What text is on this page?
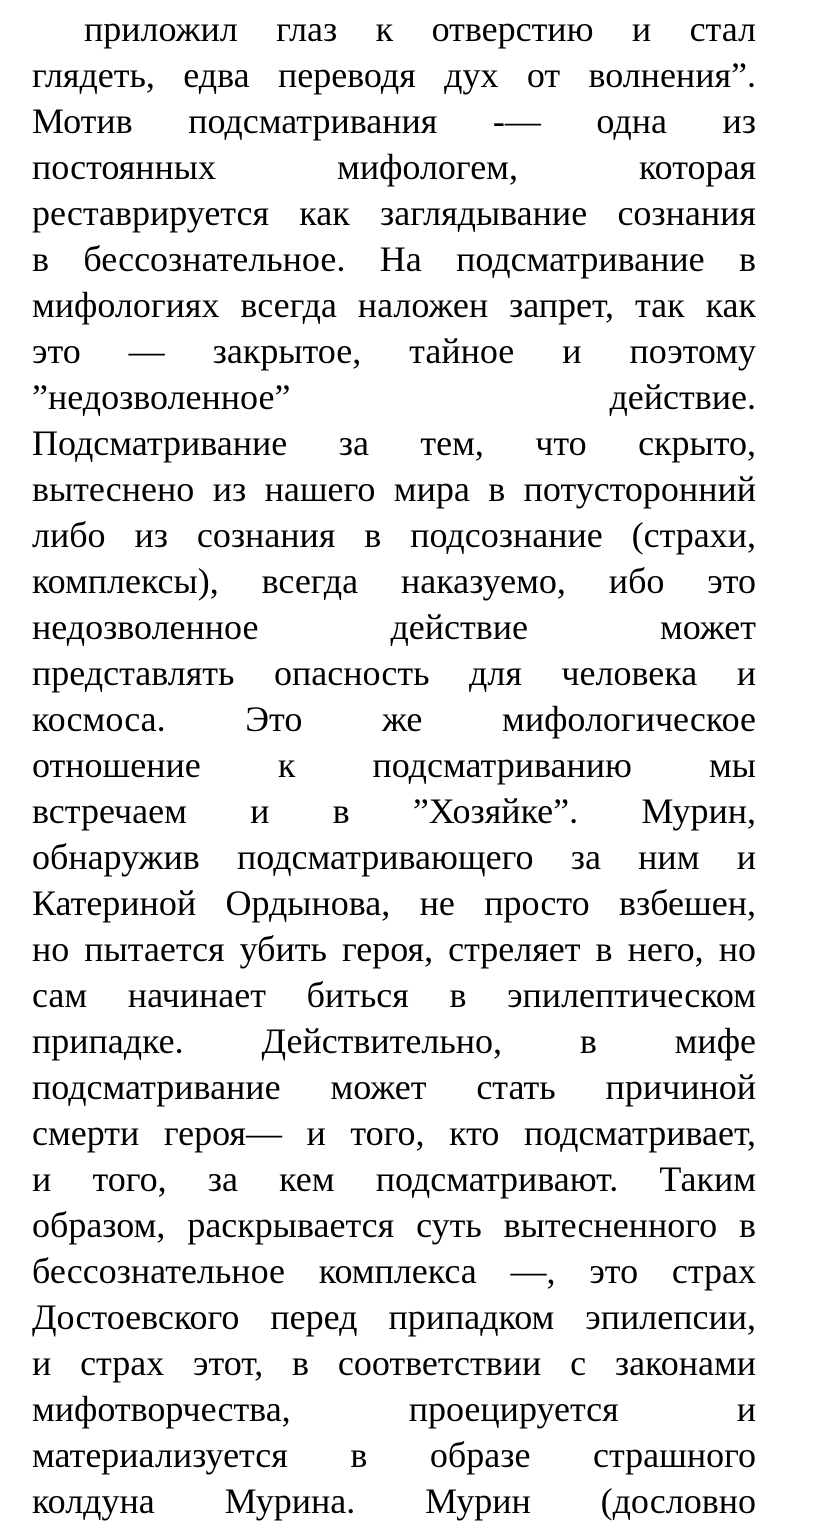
приложил глаз к отверстию и стал
глядеть, едва переводя дух от волнения”.
Мотив подсматривания -— одна из
постоянных мифологем, которая
реставрируется как заглядывание сознания
в бессознательное. На подсматривание в
мифологиях всегда наложен запрет, так как
это — закрытое, тайное и поэтому
”недозволенное” действие.
Подсматривание за тем, что скрыто,
вытеснено из нашего мира в потусторонний
либо из сознания в подсознание (страхи,
комплексы), всегда наказуемо, ибо это
недозволенное действие может
представлять опасность для человека и
космоса. Это же мифологическое
отношение к подсматриванию мы
встречаем и в ”Хозяйке”. Мурин,
обнаружив подсматривающего за ним и
Катериной Ордынова, не просто взбешен,
но пытается убить героя, стреляет в него, но
сам начинает биться в эпилептическом
припадке. Действительно, в мифе
подсматривание может стать причиной
смерти героя— и того, кто подсматривает,
и того, за кем подсматривают. Таким
образом, раскрывается суть вытесненного в
бессознательное комплекса —, это страх
Достоевского перед припадком эпилепсии,
и страх этот, в соответствии с законами
мифотворчества, проецируется и
материализуется в образе страшного
колдуна Мурина. Мурин (дословно
